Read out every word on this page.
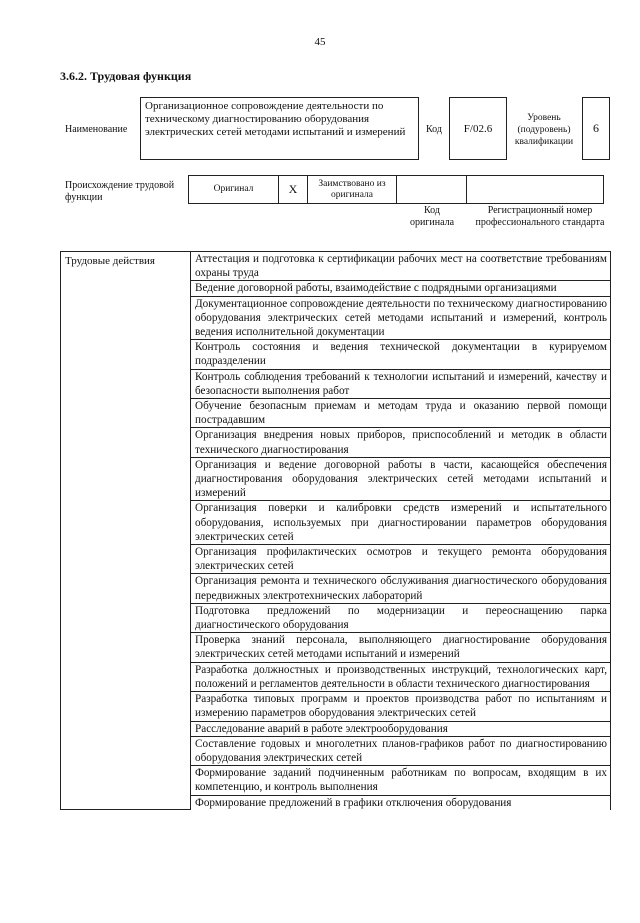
45
3.6.2. Трудовая функция
Наименование
Организационное сопровождение деятельности по техническому диагностированию оборудования электрических сетей методами испытаний и измерений	Код	F/02.6
Уровень (подуровень) квалификации
6
Происхождение трудовой функции
Оригинал	X	Заимствовано из оригинала		
Код оригинала
Регистрационный номер профессионального стандарта
Трудовые действия	Аттестация и подготовка к сертификации рабочих мест на соответствие требованиям охраны труда

Ведение договорной работы, взаимодействие с подрядными организациями

Документационное сопровождение деятельности по техническому диагностированию оборудования электрических сетей методами испытаний и измерений, контроль ведения исполнительной документации

Контроль состояния и ведения технической документации в курируемом подразделении

Контроль соблюдения требований к технологии испытаний и измерений, качеству и безопасности выполнения работ

Обучение безопасным приемам и методам труда и оказанию первой помощи пострадавшим

Организация внедрения новых приборов, приспособлений и методик в области технического диагностирования

Организация и ведение договорной работы в части, касающейся обеспечения диагностирования оборудования электрических сетей методами испытаний и измерений

Организация поверки и калибровки средств измерений и испытательного оборудования, используемых при диагностировании параметров оборудования электрических сетей

Организация профилактических осмотров и текущего ремонта оборудования электрических сетей

Организация ремонта и технического обслуживания диагностического оборудования передвижных электротехнических лабораторий

Подготовка предложений по модернизации и переоснащению парка диагностического оборудования

Проверка знаний персонала, выполняющего диагностирование оборудования электрических сетей методами испытаний и измерений

Разработка должностных и производственных инструкций, технологических карт, положений и регламентов деятельности в области технического диагностирования

Разработка типовых программ и проектов производства работ по испытаниям и измерению параметров оборудования электрических сетей

Расследование аварий в работе электрооборудования

Составление годовых и многолетних планов-графиков работ по диагностированию оборудования электрических сетей

Формирование заданий подчиненным работникам по вопросам, входящим в их компетенцию, и контроль выполнения

Формирование предложений в графики отключения оборудования
